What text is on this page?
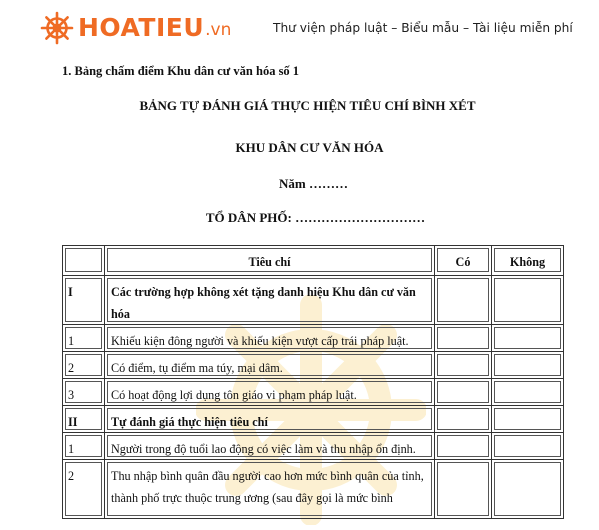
HOATIEU .vn	Thư viện pháp luật – Biểu mẫu – Tài liệu miễn phí
1. Bảng chấm điểm Khu dân cư văn hóa số 1
BẢNG TỰ ĐÁNH GIÁ THỰC HIỆN TIÊU CHÍ BÌNH XÉT
KHU DÂN CƯ VĂN HÓA
Năm ………
TỔ DÂN PHỐ: …………………………

	Tiêu chí	Có	Không

I	Các trường hợp không xét tặng danh hiệu Khu dân cư văn hóa		

1	Khiếu kiện đông người và khiếu kiện vượt cấp trái pháp luật.		

2	Có điểm, tụ điểm ma túy, mại dâm.		

3	Có hoạt động lợi dụng tôn giáo vi phạm pháp luật.		

II	Tự đánh giá thực hiện tiêu chí		

1	Người trong độ tuổi lao động có việc làm và thu nhập ổn định.		

2	Thu nhập bình quân đầu người cao hơn mức bình quân của tỉnh, thành phố trực thuộc trung ương (sau đây gọi là mức bình		
